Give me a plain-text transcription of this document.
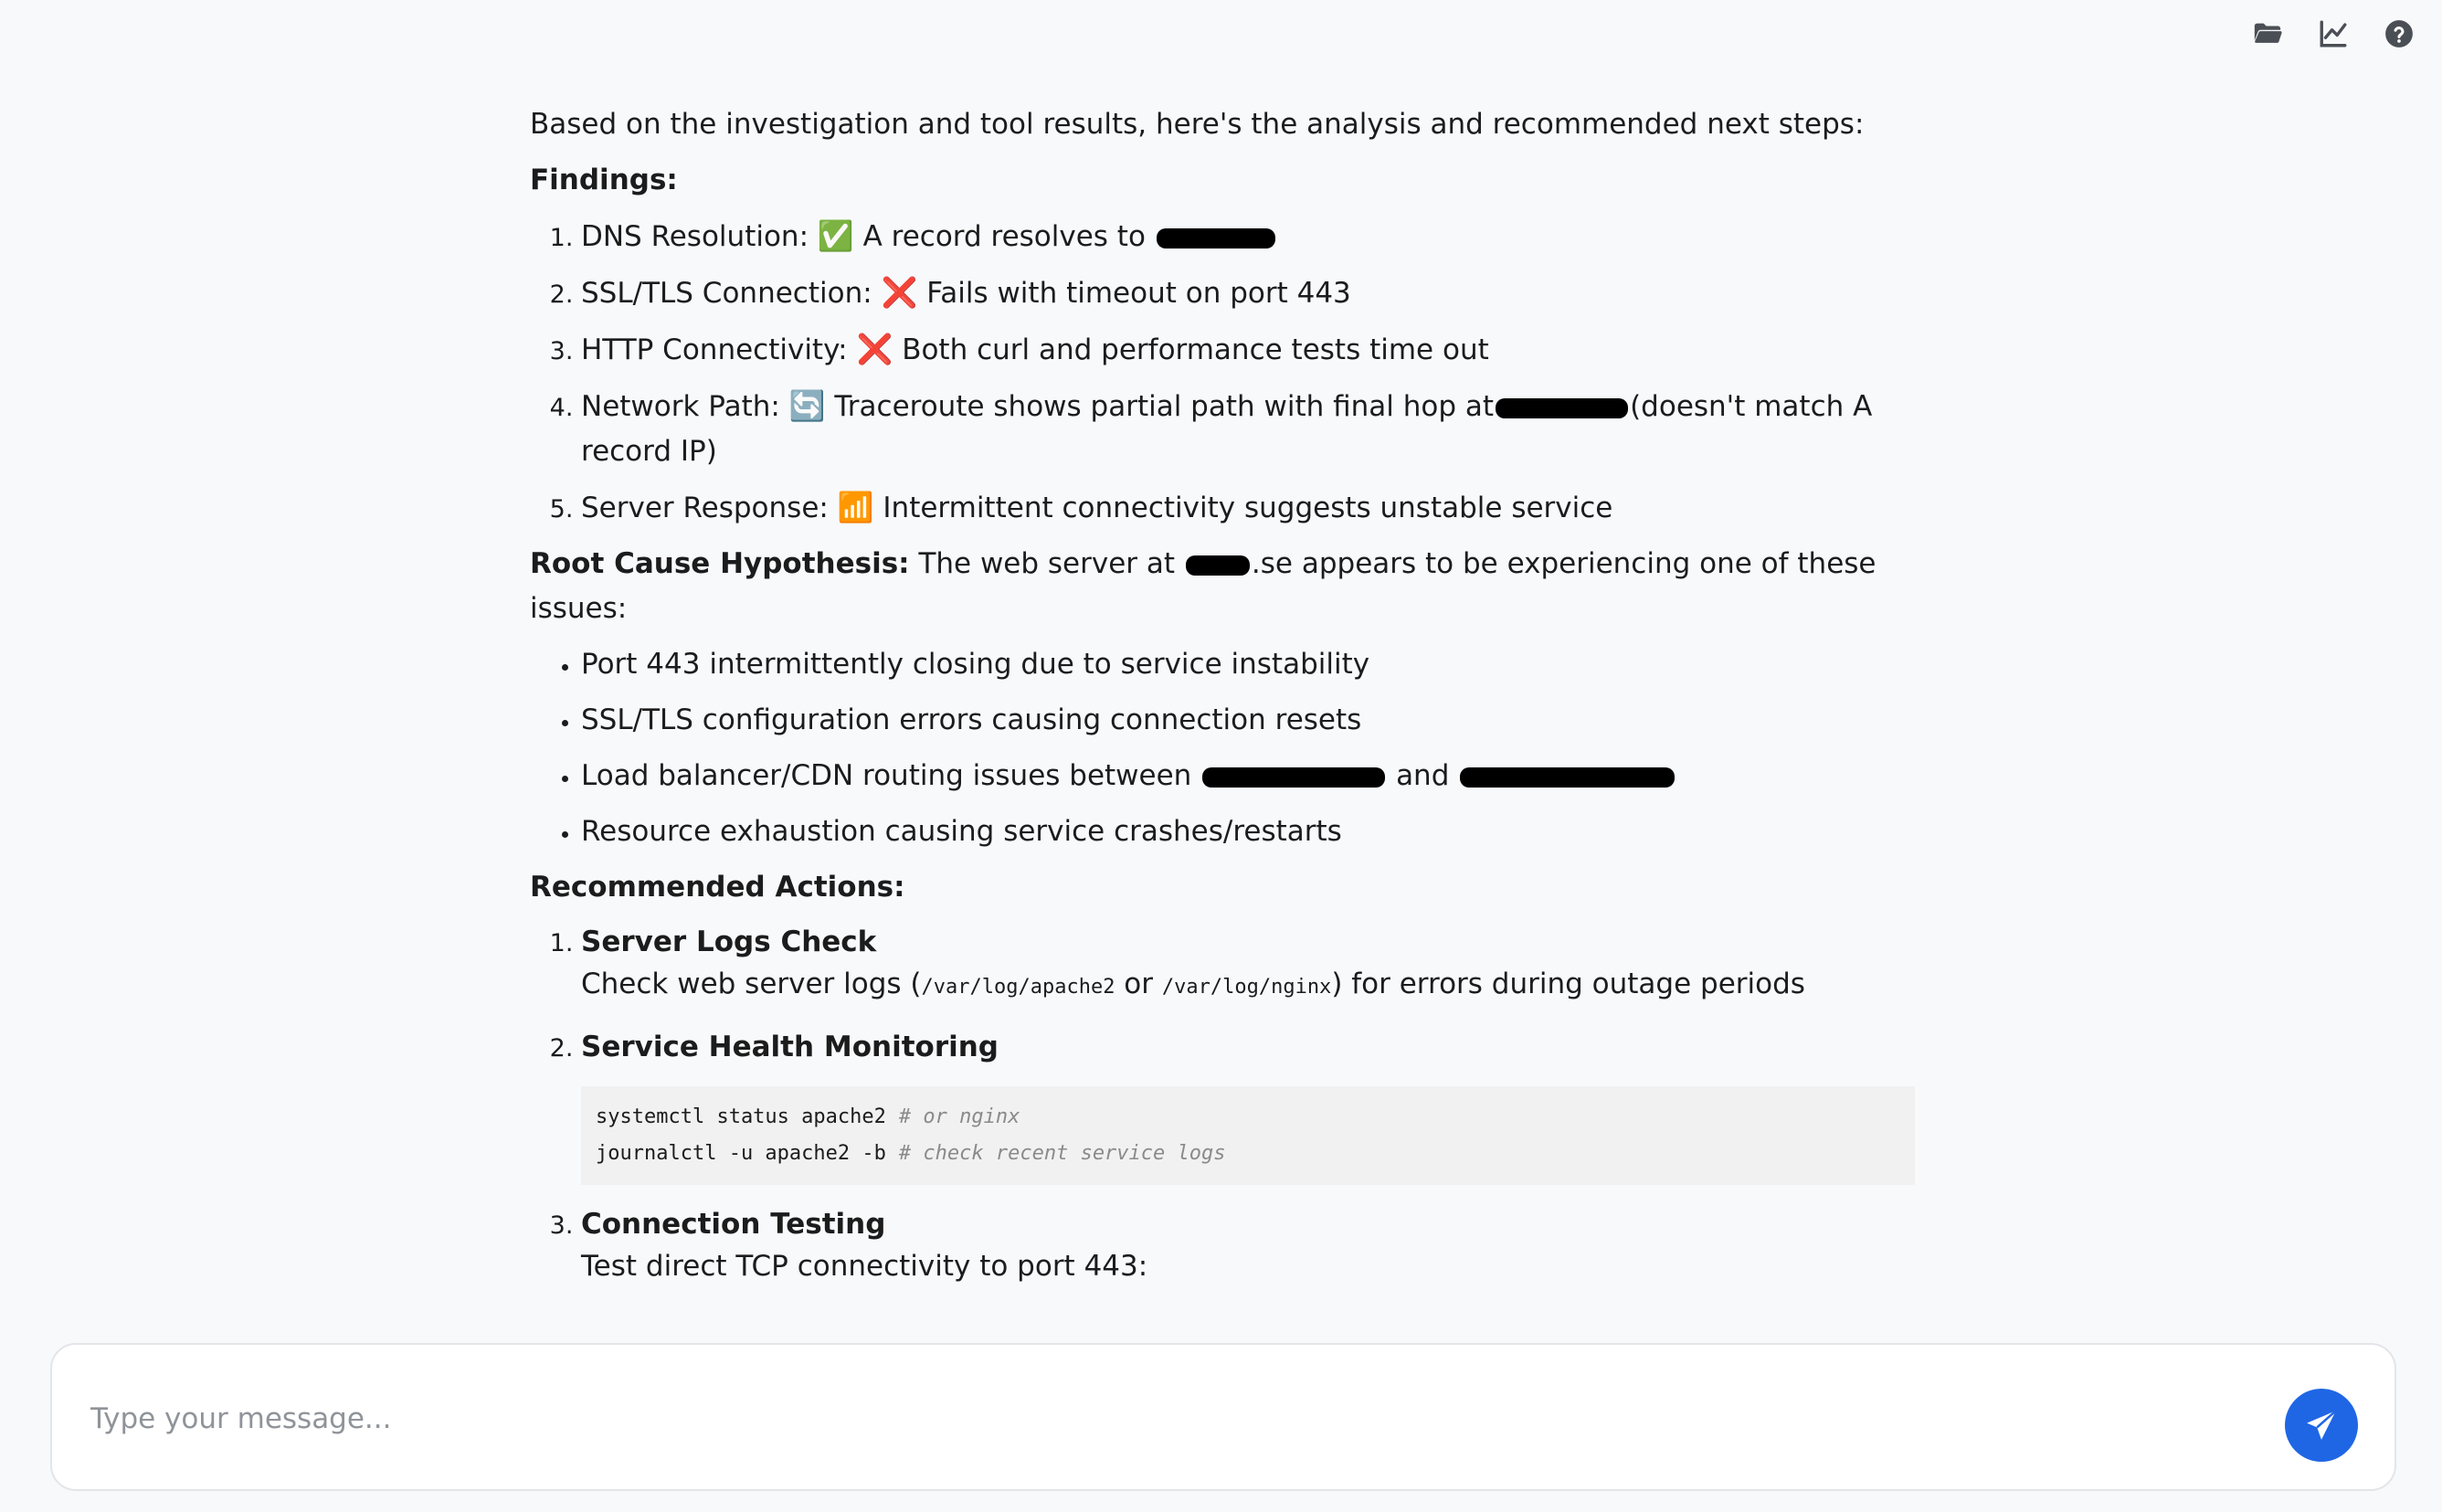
Based on the investigation and tool results, here's the analysis and recommended next steps:

Findings:

1. DNS Resolution: ✅ A record resolves to
2. SSL/TLS Connection: ❌ Fails with timeout on port 443
3. HTTP Connectivity: ❌ Both curl and performance tests time out
4. Network Path: 🔄 Traceroute shows partial path with final hop at	(doesn't match A record IP)
5. Server Response: 📶 Intermittent connectivity suggests unstable service

Root Cause Hypothesis: The web server at	.se appears to be experiencing one of these issues:

• Port 443 intermittently closing due to service instability
• SSL/TLS configuration errors causing connection resets
• Load balancer/CDN routing issues between	and
• Resource exhaustion causing service crashes/restarts

Recommended Actions:

1. Server Logs Check
Check web server logs (/var/log/apache2 or /var/log/nginx) for errors during outage periods
2. Service Health Monitoring
systemctl status apache2 # or nginx
journalctl -u apache2 -b # check recent service logs
3. Connection Testing
Test direct TCP connectivity to port 443:
Type your message...
